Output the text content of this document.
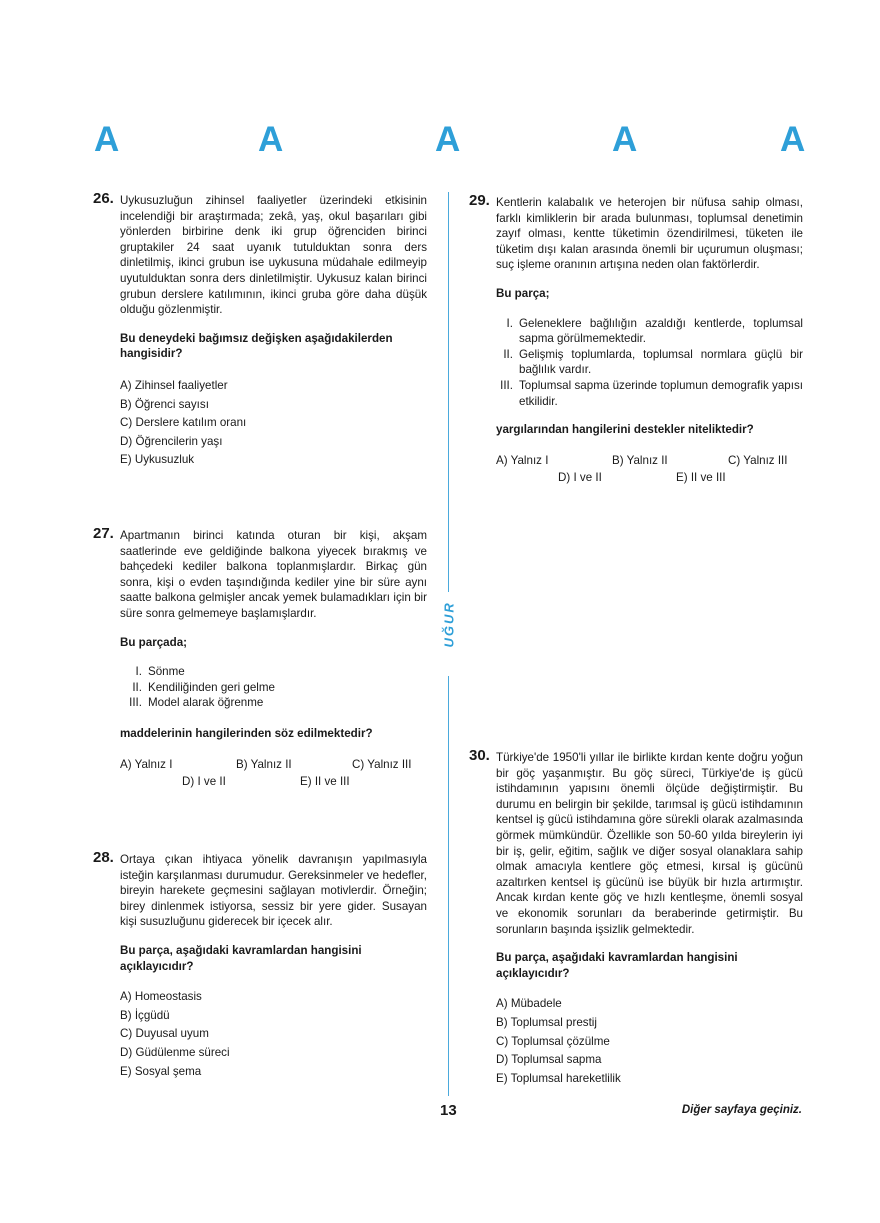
A	A	A	A	A
UĞUR
26. Uykusuzluğun zihinsel faaliyetler üzerindeki etkisinin incelendiği bir araştırmada; zekâ, yaş, okul başarıları gibi yönlerden birbirine denk iki grup öğrenciden birinci gruptakiler 24 saat uyanık tutulduktan sonra ders dinletilmiş, ikinci grubun ise uykusuna müdahale edilmeyip uyutulduktan sonra ders dinletilmiştir. Uykusuz kalan birinci grubun derslere katılımının, ikinci gruba göre daha düşük olduğu gözlenmiştir.

Bu deneydeki bağımsız değişken aşağıdakilerden hangisidir?

A) Zihinsel faaliyetler
B) Öğrenci sayısı
C) Derslere katılım oranı
D) Öğrencilerin yaşı
E) Uykusuzluk
27. Apartmanın birinci katında oturan bir kişi, akşam saatlerinde eve geldiğinde balkona yiyecek bırakmış ve bahçedeki kediler balkona toplanmışlardır. Birkaç gün sonra, kişi o evden taşındığında kediler yine bir süre aynı saatte balkona gelmişler ancak yemek bulamadıkları için bir süre sonra gelmemeye başlamışlardır.

Bu parçada;

I. Sönme
II. Kendiliğinden geri gelme
III. Model alarak öğrenme

maddelerinin hangilerinden söz edilmektedir?

A) Yalnız I	B) Yalnız II	C) Yalnız III
D) I ve II	E) II ve III
28. Ortaya çıkan ihtiyaca yönelik davranışın yapılmasıyla isteğin karşılanması durumudur. Gereksinmeler ve hedefler, bireyin harekete geçmesini sağlayan motivlerdir. Örneğin; birey dinlenmek istiyorsa, sessiz bir yere gider. Susayan kişi susuzluğunu giderecek bir içecek alır.

Bu parça, aşağıdaki kavramlardan hangisini açıklayıcıdır?

A) Homeostasis
B) İçgüdü
C) Duyusal uyum
D) Güdülenme süreci
E) Sosyal şema
29. Kentlerin kalabalık ve heterojen bir nüfusa sahip olması, farklı kimliklerin bir arada bulunması, toplumsal denetimin zayıf olması, kentte tüketimin özendirilmesi, tüketen ile tüketim dışı kalan arasında önemli bir uçurumun oluşması; suç işleme oranının artışına neden olan faktörlerdir.

Bu parça;

I. Geleneklere bağlılığın azaldığı kentlerde, toplumsal sapma görülmemektedir.
II. Gelişmiş toplumlarda, toplumsal normlara güçlü bir bağlılık vardır.
III. Toplumsal sapma üzerinde toplumun demografik yapısı etkilidir.

yargılarından hangilerini destekler niteliktedir?

A) Yalnız I	B) Yalnız II	C) Yalnız III
D) I ve II	E) II ve III
30. Türkiye'de 1950'li yıllar ile birlikte kırdan kente doğru yoğun bir göç yaşanmıştır. Bu göç süreci, Türkiye'de iş gücü istihdamının yapısını önemli ölçüde değiştirmiştir. Bu durumu en belirgin bir şekilde, tarımsal iş gücü istihdamının kentsel iş gücü istihdamına göre sürekli olarak azalmasında görmek mümkündür. Özellikle son 50-60 yılda bireylerin iyi bir iş, gelir, eğitim, sağlık ve diğer sosyal olanaklara sahip olmak amacıyla kentlere göç etmesi, kırsal iş gücünü azaltırken kentsel iş gücünü ise büyük bir hızla artırmıştır. Ancak kırdan kente göç ve hızlı kentleşme, önemli sosyal ve ekonomik sorunları da beraberinde getirmiştir. Bu sorunların başında işsizlik gelmektedir.

Bu parça, aşağıdaki kavramlardan hangisini açıklayıcıdır?

A) Mübadele
B) Toplumsal prestij
C) Toplumsal çözülme
D) Toplumsal sapma
E) Toplumsal hareketlilik
13	Diğer sayfaya geçiniz.
